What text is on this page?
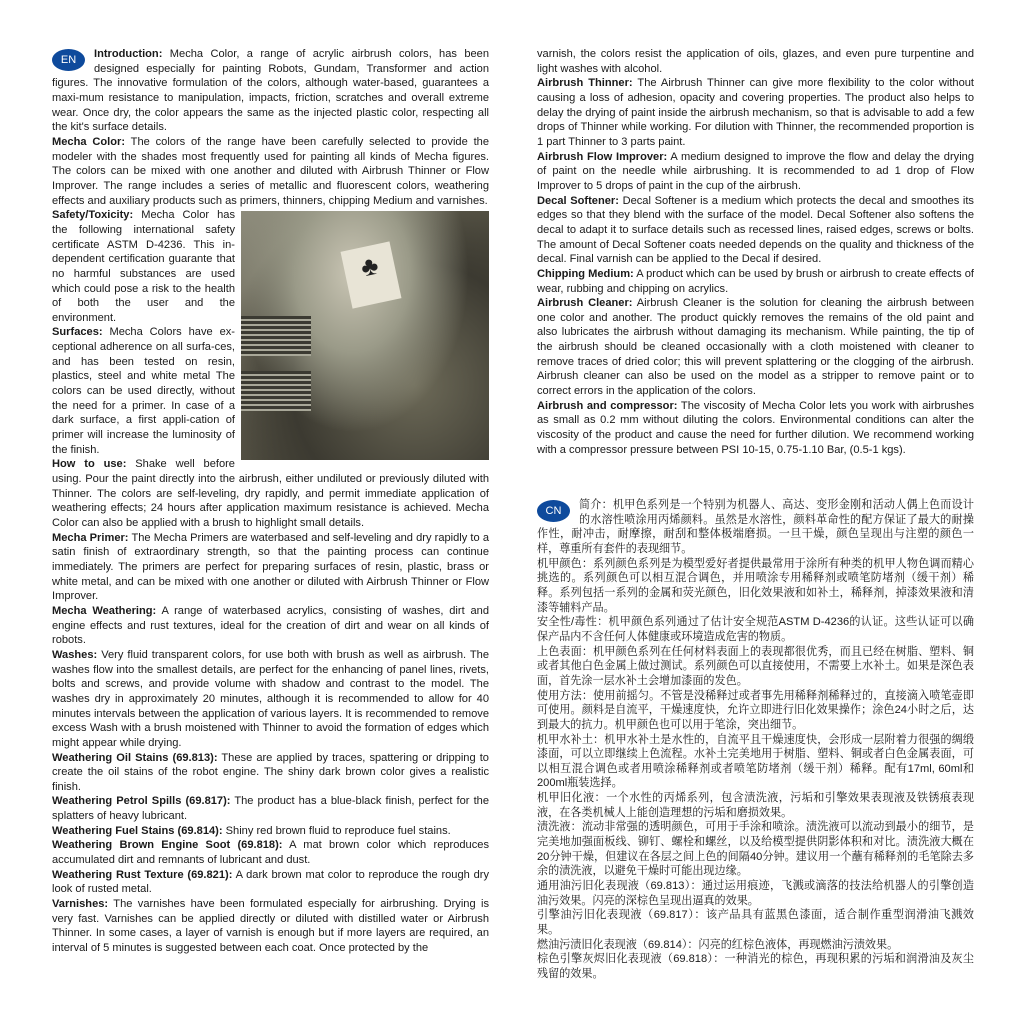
EN	Introduction: Mecha Color, a range of acrylic airbrush colors, has been designed especially for painting Robots, Gundam, Transformer and action figures. The innovative formulation of the colors, although water-based, guarantees a maxi-mum resistance to manipulation, impacts, friction, scratches and overall extreme wear. Once dry, the color appears the same as the injected plastic color, respecting all the kit's surface details.

Mecha Color: The colors of the range have been carefully selected to provide the modeler with the shades most frequently used for painting all kinds of Mecha figures. The colors can be mixed with one another and diluted with Airbrush Thinner or Flow Improver. The range includes a series of metallic and fluorescent colors, weathering effects and auxiliary products such as primers, thinners, chipping Medium and varnishes.

♣

Safety/Toxicity: Mecha Color has the following international safety certificate ASTM D-4236. This in-dependent certification guarante that no harmful substances are used which could pose a risk to the health of both the user and the environment.

Surfaces: Mecha Colors have ex-ceptional adherence on all surfa-ces, and has been tested on resin, plastics, steel and white metal The colors can be used directly, without the need for a primer. In case of a dark surface, a first appli-cation of primer will increase the luminosity of the finish.

How to use: Shake well before using. Pour the paint directly into the airbrush, either undiluted or previously diluted with Thinner. The colors are self-leveling, dry rapidly, and permit immediate application of weathering effects; 24 hours after application maximum resistance is achieved. Mecha Color can also be applied with a brush to highlight small details.

Mecha Primer: The Mecha Primers are waterbased and self-leveling and dry rapidly to a satin finish of extraordinary strength, so that the painting process can continue immediately. The primers are perfect for preparing surfaces of resin, plastic, brass or white metal, and can be mixed with one another or diluted with Airbrush Thinner or Flow Improver.

Mecha Weathering: A range of waterbased acrylics, consisting of washes, dirt and engine effects and rust textures, ideal for the creation of dirt and wear on all kinds of robots.

Washes: Very fluid transparent colors, for use both with brush as well as airbrush. The washes flow into the smallest details, are perfect for the enhancing of panel lines, rivets, bolts and screws, and provide volume with shadow and contrast to the model. The washes dry in approximately 20 minutes, although it is recommended to allow for 40 minutes intervals between the application of various layers. It is recommended to remove excess Wash with a brush moistened with Thinner to avoid the formation of edges which might appear while drying.

Weathering Oil Stains (69.813): These are applied by traces, spattering or dripping to create the oil stains of the robot engine. The shiny dark brown color gives a realistic finish.

Weathering Petrol Spills (69.817): The product has a blue-black finish, perfect for the splatters of heavy lubricant.

Weathering Fuel Stains (69.814): Shiny red brown fluid to reproduce fuel stains.

Weathering Brown Engine Soot (69.818): A mat brown color which reproduces accumulated dirt and remnants of lubricant and dust.

Weathering Rust Texture (69.821): A dark brown mat color to reproduce the rough dry look of rusted metal.

Varnishes: The varnishes have been formulated especially for airbrushing. Drying is very fast. Varnishes can be applied directly or diluted with distilled water or Airbrush Thinner. In some cases, a layer of varnish is enough but if more layers are required, an interval of 5 minutes is suggested between each coat. Once protected by the

varnish, the colors resist the application of oils, glazes, and even pure turpentine and light washes with alcohol.

Airbrush Thinner: The Airbrush Thinner can give more flexibility to the color without causing a loss of adhesion, opacity and covering properties. The product also helps to delay the drying of paint inside the airbrush mechanism, so that is advisable to add a few drops of Thinner while working. For dilution with Thinner, the recommended proportion is 1 part Thinner to 3 parts paint.

Airbrush Flow Improver: A medium designed to improve the flow and delay the drying of paint on the needle while airbrushing. It is recommended to ad 1 drop of Flow Improver to 5 drops of paint in the cup of the airbrush.

Decal Softener: Decal Softener is a medium which protects the decal and smoothes its edges so that they blend with the surface of the model. Decal Softener also softens the decal to adapt it to surface details such as recessed lines, raised edges, screws or bolts. The amount of Decal Softener coats needed depends on the quality and thickness of the decal. Final varnish can be applied to the Decal if desired.

Chipping Medium: A product which can be used by brush or airbrush to create effects of wear, rubbing and chipping on acrylics.

Airbrush Cleaner: Airbrush Cleaner is the solution for cleaning the airbrush between one color and another. The product quickly removes the remains of the old paint and also lubricates the airbrush without damaging its mechanism. While painting, the tip of the airbrush should be cleaned occasionally with a cloth moistened with cleaner to remove traces of dried color; this will prevent splattering or the clogging of the airbrush. Airbrush cleaner can also be used on the model as a stripper to remove paint or to correct errors in the application of the colors.

Airbrush and compressor: The viscosity of Mecha Color lets you work with airbrushes as small as 0.2 mm without diluting the colors. Environmental conditions can alter the viscosity of the product and cause the need for further dilution. We recommend working with a compressor pressure between PSI 10-15, 0.75-1.10 Bar, (0.5-1 kgs).

CN	简介：机甲色系列是一个特别为机器人、高达、变形金刚和活动人偶上色而设计的水溶性喷涂用丙烯颜料。虽然是水溶性，颜料革命性的配方保证了最大的耐操作性，耐冲击，耐摩擦，耐刮和整体极端磨损。一旦干燥，颜色呈现出与注塑的颜色一样，尊重所有套件的表现细节。

机甲颜色：系列颜色系列是为模型爱好者提供最常用于涂所有种类的机甲人物色调而精心挑选的。系列颜色可以相互混合调色，并用喷涂专用稀释剂或喷笔防堵剂（缓干剂）稀释。系列包括一系列的金属和荧光颜色，旧化效果液和如补土，稀释剂，掉漆效果液和清漆等辅料产品。

安全性/毒性：机甲颜色系列通过了估计安全规范ASTM D-4236的认证。这些认证可以确保产品内不含任何人体健康或环境造成危害的物质。

上色表面：机甲颜色系列在任何材料表面上的表现都很优秀，而且已经在树脂、塑料、铜或者其他白色金属上做过测试。系列颜色可以直接使用，不需要上水补土。如果是深色表面，首先涂一层水补土会增加漆面的发色。

使用方法：使用前摇匀。不管是没稀释过或者事先用稀释剂稀释过的，直接滴入喷笔壶即可使用。颜料是自流平，干燥速度快，允许立即进行旧化效果操作；涂色24小时之后，达到最大的抗力。机甲颜色也可以用于笔涂，突出细节。

机甲水补土：机甲水补土是水性的，自流平且干燥速度快，会形成一层附着力很强的绸缎漆面，可以立即继续上色流程。水补土完美地用于树脂、塑料、铜或者白色金属表面，可以相互混合调色或者用喷涂稀释剂或者喷笔防堵剂（缓干剂）稀释。配有17ml, 60ml和200ml瓶装选择。

机甲旧化液：一个水性的丙烯系列，包含渍洗液，污垢和引擎效果表现液及铁锈痕表现液，在各类机械人上能创造理想的污垢和磨损效果。

渍洗液：流动非常强的透明颜色，可用于手涂和喷涂。渍洗液可以流动到最小的细节，是完美地加强面板线、铆钉、螺栓和螺丝，以及给模型提供阴影体积和对比。渍洗液大概在20分钟干燥，但建议在各层之间上色的间隔40分钟。建议用一个蘸有稀释剂的毛笔除去多余的渍洗液，以避免干燥时可能出现边缘。

通用油污旧化表现液（69.813）：通过运用痕迹，飞溅或滴落的技法给机器人的引擎创造油污效果。闪亮的深棕色呈现出逼真的效果。

引擎油污旧化表现液（69.817）：该产品具有蓝黑色漆面，适合制作重型润滑油飞溅效果。

燃油污渍旧化表现液（69.814）：闪亮的红棕色液体，再现燃油污渍效果。

棕色引擎灰烬旧化表现液（69.818）：一种消光的棕色，再现积累的污垢和润滑油及灰尘残留的效果。
